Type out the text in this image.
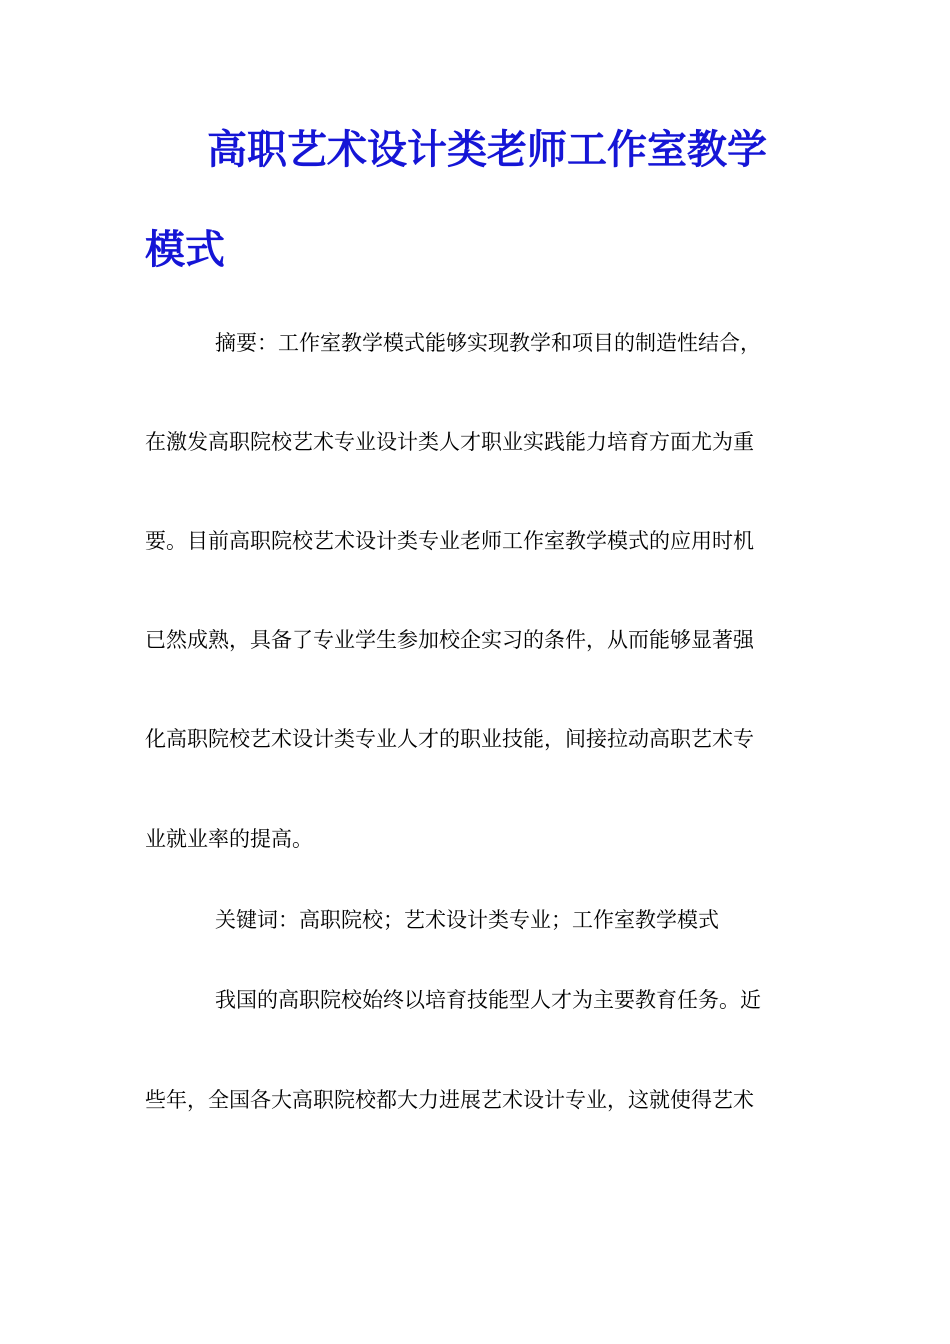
高职艺术设计类老师工作室教学
模式
摘要：工作室教学模式能够实现教学和项目的制造性结合，
在激发高职院校艺术专业设计类人才职业实践能力培育方面尤为重
要。目前高职院校艺术设计类专业老师工作室教学模式的应用时机
已然成熟，具备了专业学生参加校企实习的条件，从而能够显著强
化高职院校艺术设计类专业人才的职业技能，间接拉动高职艺术专
业就业率的提高。
关键词：高职院校；艺术设计类专业；工作室教学模式
我国的高职院校始终以培育技能型人才为主要教育任务。近
些年，全国各大高职院校都大力进展艺术设计专业，这就使得艺术
